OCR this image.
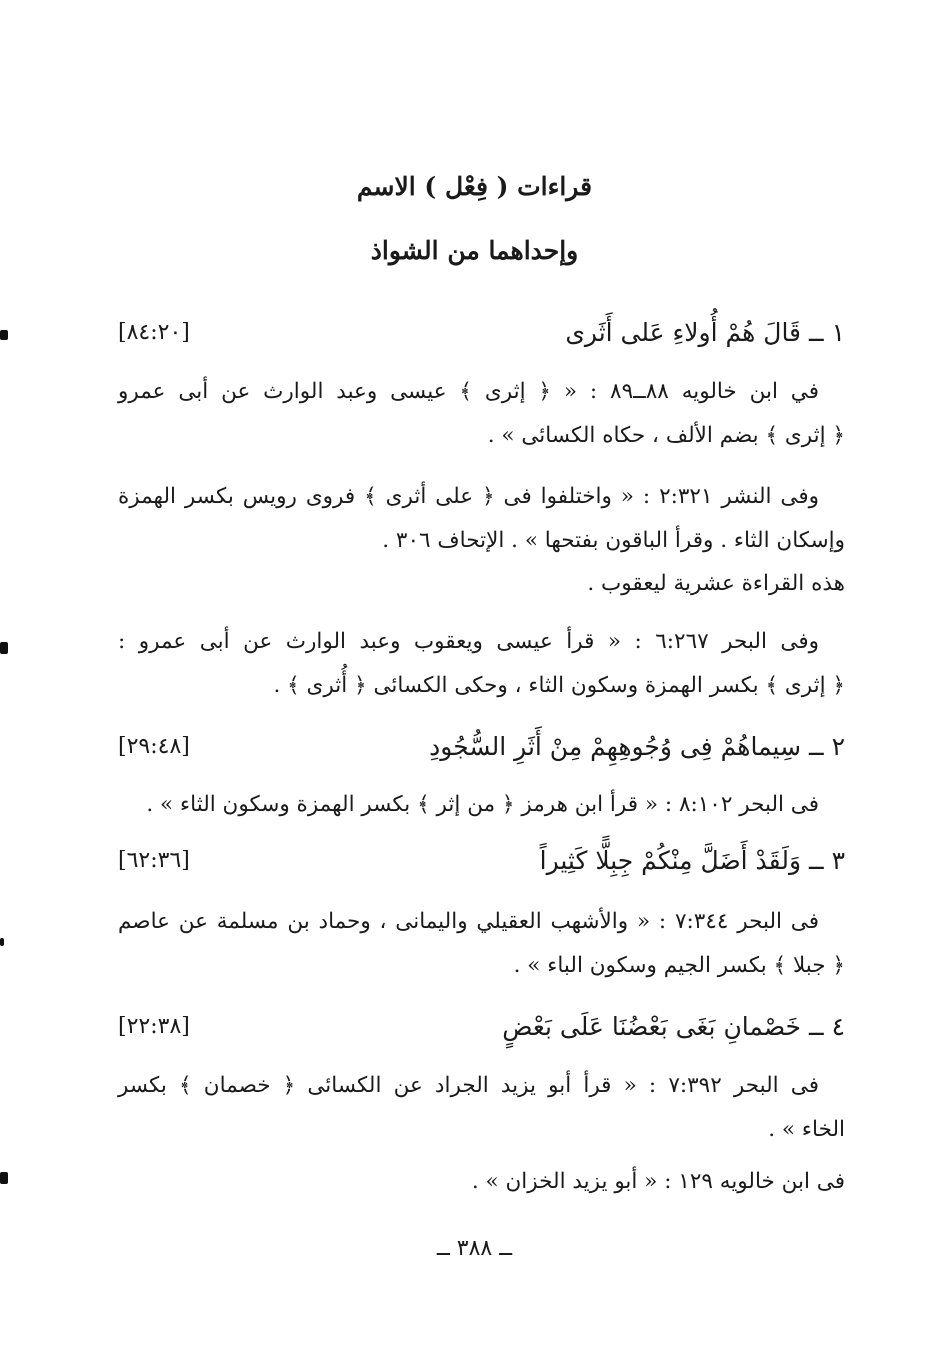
قراءات ( فِعْل ) الاسم
وإحداهما من الشواذ
١ ــ قَالَ هُمْ أُولاءِ عَلى أَثَرى
[٨٤:٢٠]
في ابن خالويه ٨٨ــ٨٩ : « ﴿ إثرى ﴾ عيسى وعبد الوارث عن أبى عمرو
﴿ إثرى ﴾ بضم الألف ، حكاه الكسائى » .
وفى النشر ٢:٣٢١ : « واختلفوا فى ﴿ على أثرى ﴾ فروى رويس بكسر الهمزة
وإسكان الثاء . وقرأ الباقون بفتحها » . الإتحاف ٣٠٦ .
هذه القراءة عشرية ليعقوب .
وفى البحر ٦:٢٦٧ : « قرأ عيسى ويعقوب وعبد الوارث عن أبى عمرو :
﴿ إثرى ﴾ بكسر الهمزة وسكون الثاء ، وحكى الكسائى ﴿ أُثرى ﴾ .
٢ ــ سِيماهُمْ فِى وُجُوهِهِمْ مِنْ أَثَرِ السُّجُودِ
[٢٩:٤٨]
فى البحر ٨:١٠٢ : « قرأ ابن هرمز ﴿ من إثر ﴾ بكسر الهمزة وسكون الثاء » .
٣ ــ وَلَقَدْ أَضَلَّ مِنْكُمْ جِبِلًّا كَثِيراً
[٦٢:٣٦]
فى البحر ٧:٣٤٤ : « والأشهب العقيلي واليمانى ، وحماد بن مسلمة عن عاصم
﴿ جبلا ﴾ بكسر الجيم وسكون الباء » .
٤ ــ خَصْمانِ بَغَى بَعْضُنَا عَلَى بَعْضٍ
[٢٢:٣٨]
فى البحر ٧:٣٩٢ : « قرأ أبو يزيد الجراد عن الكسائى ﴿ خصمان ﴾ بكسر
الخاء » .
فى ابن خالويه ١٢٩ : « أبو يزيد الخزان » .
ــ ٣٨٨ ــ
